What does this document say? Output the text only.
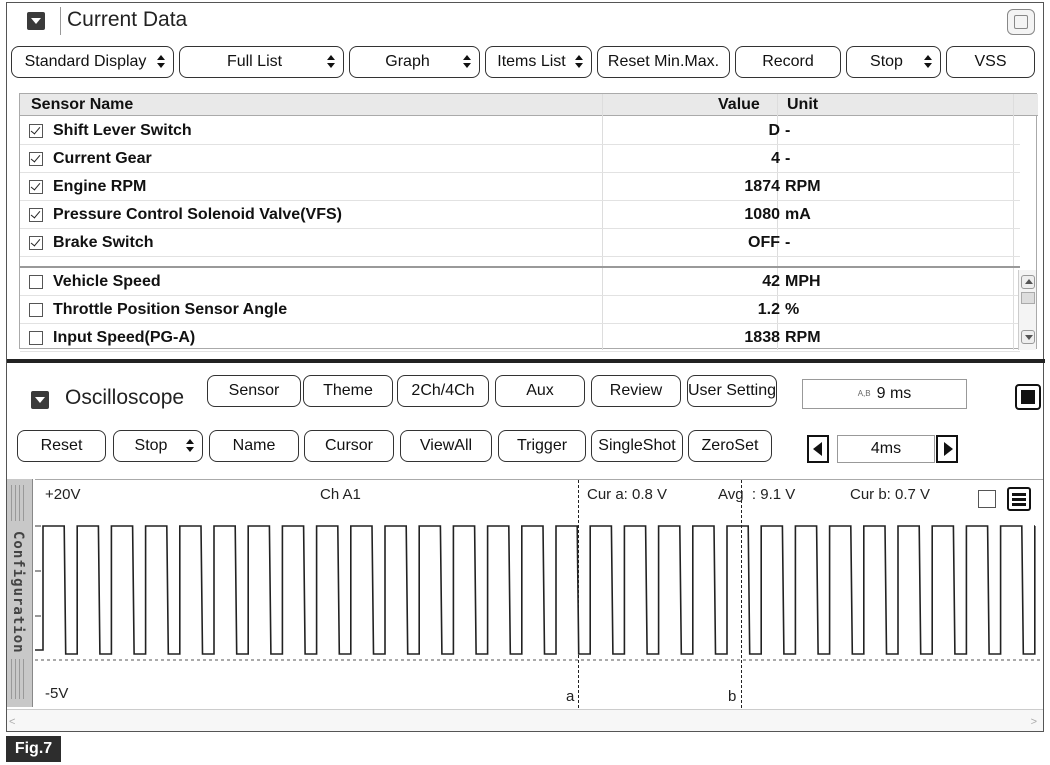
Current Data
Standard Display	Full List	Graph	Items List	Reset Min.Max.	Record	Stop	VSS
Sensor Name	Value Unit
Shift Lever Switch	D -
Current Gear	4 -
Engine RPM	1874 RPM
Pressure Control Solenoid Valve(VFS)	1080 mA
Brake Switch	OFF -
Vehicle Speed	42 MPH
Throttle Position Sensor Angle	1.2 %
Input Speed(PG-A)	1838 RPM
Oscilloscope	Sensor	Theme 2Ch/4Ch	Aux	Review User Setting	A,B 9 ms
Reset	Stop	Name	Cursor	ViewAll	Trigger SingleShot ZeroSet	4ms
Configuration
+20V	Ch A1	Cur a: 0.8 V	Avg  : 9.1 V	Cur b: 0.7 V
-5V	a	b
<	>
Fig.7
